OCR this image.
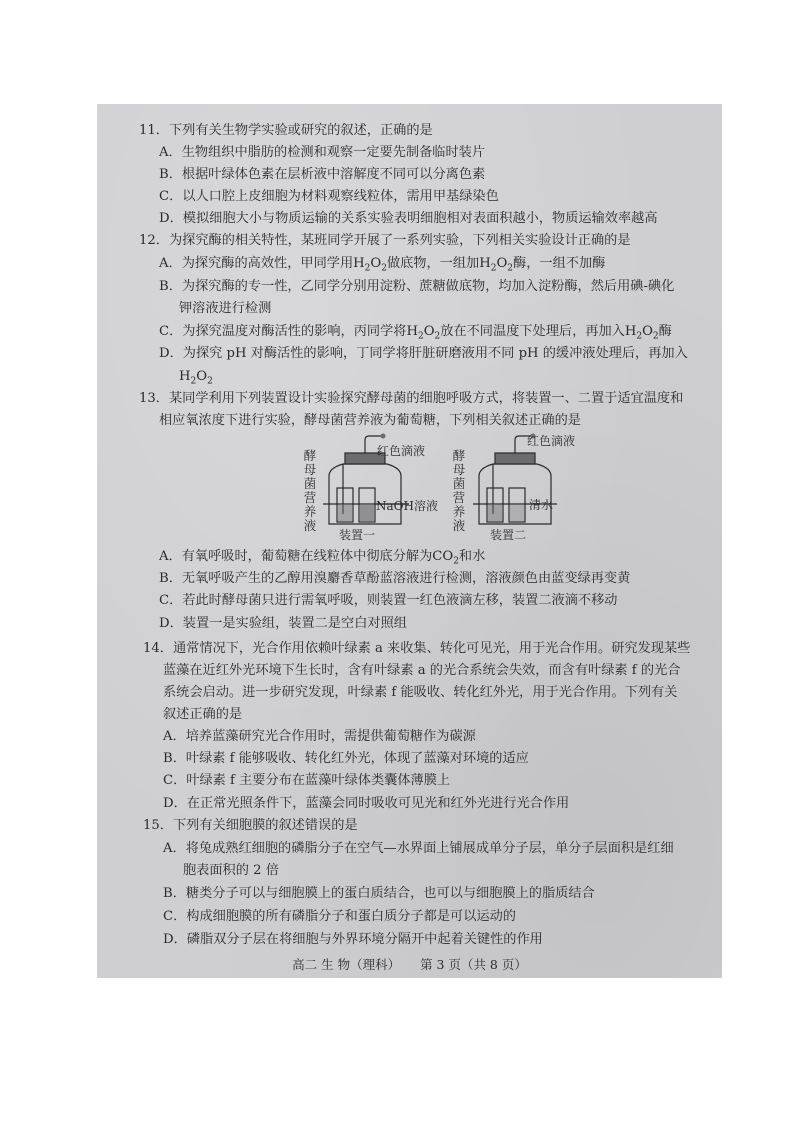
11．下列有关生物学实验或研究的叙述，正确的是
A．生物组织中脂肪的检测和观察一定要先制备临时装片
B．根据叶绿体色素在层析液中溶解度不同可以分离色素
C．以人口腔上皮细胞为材料观察线粒体，需用甲基绿染色
D．模拟细胞大小与物质运输的关系实验表明细胞相对表面积越小，物质运输效率越高
12．为探究酶的相关特性，某班同学开展了一系列实验，下列相关实验设计正确的是
A．为探究酶的高效性，甲同学用$H_2O_2$做底物，一组加$H_2O_2$酶，一组不加酶
B．为探究酶的专一性，乙同学分别用淀粉、蔗糖做底物，均加入淀粉酶，然后用碘-碘化
钾溶液进行检测
C．为探究温度对酶活性的影响，丙同学将$H_2O_2$放在不同温度下处理后，再加入$H_2O_2$酶
D．为探究 pH 对酶活性的影响，丁同学将肝脏研磨液用不同 pH 的缓冲液处理后，再加入
$H_2O_2$
13．某同学利用下列装置设计实验探究酵母菌的细胞呼吸方式，将装置一、二置于适宜温度和
相应氧浓度下进行实验，酵母菌营养液为葡萄糖，下列相关叙述正确的是
酵母菌营养液
酵母菌营养液
红色滴液
红色滴液
NaOH溶液	清水
装置一	装置二
A．有氧呼吸时，葡萄糖在线粒体中彻底分解为$CO_2$和水
B．无氧呼吸产生的乙醇用溴麝香草酚蓝溶液进行检测，溶液颜色由蓝变绿再变黄
C．若此时酵母菌只进行需氧呼吸，则装置一红色液滴左移，装置二液滴不移动
D．装置一是实验组，装置二是空白对照组
14．通常情况下，光合作用依赖叶绿素 a 来收集、转化可见光，用于光合作用。研究发现某些
蓝藻在近红外光环境下生长时，含有叶绿素 a 的光合系统会失效，而含有叶绿素 f 的光合
系统会启动。进一步研究发现，叶绿素 f 能吸收、转化红外光，用于光合作用。下列有关
叙述正确的是
A．培养蓝藻研究光合作用时，需提供葡萄糖作为碳源
B．叶绿素 f 能够吸收、转化红外光，体现了蓝藻对环境的适应
C．叶绿素 f 主要分布在蓝藻叶绿体类囊体薄膜上
D．在正常光照条件下，蓝藻会同时吸收可见光和红外光进行光合作用
15．下列有关细胞膜的叙述错误的是
A．将兔成熟红细胞的磷脂分子在空气—水界面上铺展成单分子层，单分子层面积是红细
胞表面积的 2 倍
B．糖类分子可以与细胞膜上的蛋白质结合，也可以与细胞膜上的脂质结合
C．构成细胞膜的所有磷脂分子和蛋白质分子都是可以运动的
D．磷脂双分子层在将细胞与外界环境分隔开中起着关键性的作用
高二 生 物（理科） 第 3 页（共 8 页）
